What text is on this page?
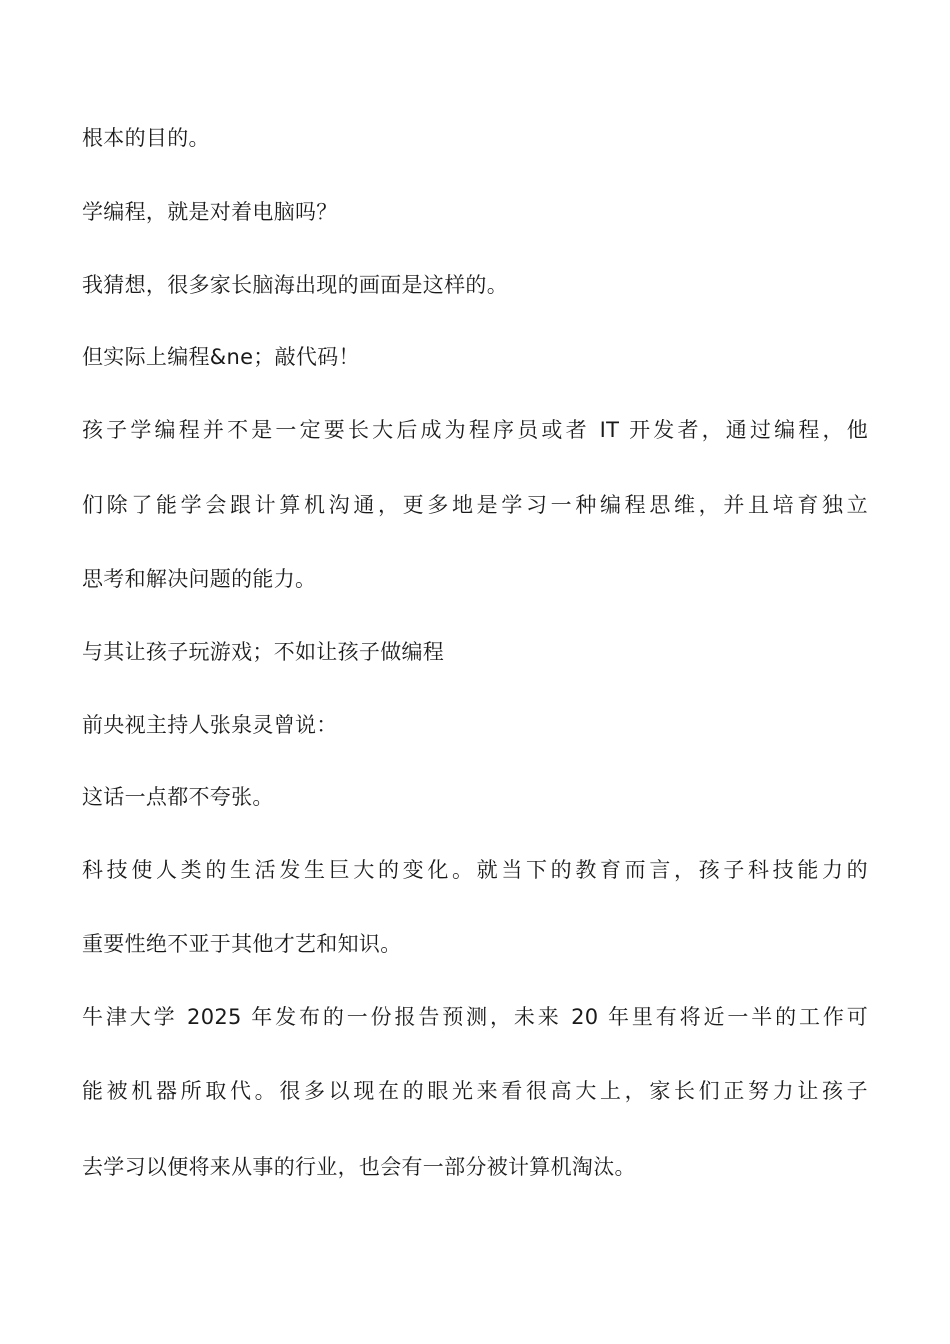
根本的目的。
学编程，就是对着电脑吗？
我猜想，很多家长脑海出现的画面是这样的。
但实际上编程&ne；敲代码！
孩子学编程并不是一定要长大后成为程序员或者 IT 开发者，通过编程，他
们除了能学会跟计算机沟通，更多地是学习一种编程思维，并且培育独立
思考和解决问题的能力。
与其让孩子玩游戏；不如让孩子做编程
前央视主持人张泉灵曾说：
这话一点都不夸张。
科技使人类的生活发生巨大的变化。就当下的教育而言，孩子科技能力的
重要性绝不亚于其他才艺和知识。
牛津大学 2025 年发布的一份报告预测，未来 20 年里有将近一半的工作可
能被机器所取代。很多以现在的眼光来看很高大上，家长们正努力让孩子
去学习以便将来从事的行业，也会有一部分被计算机淘汰。
